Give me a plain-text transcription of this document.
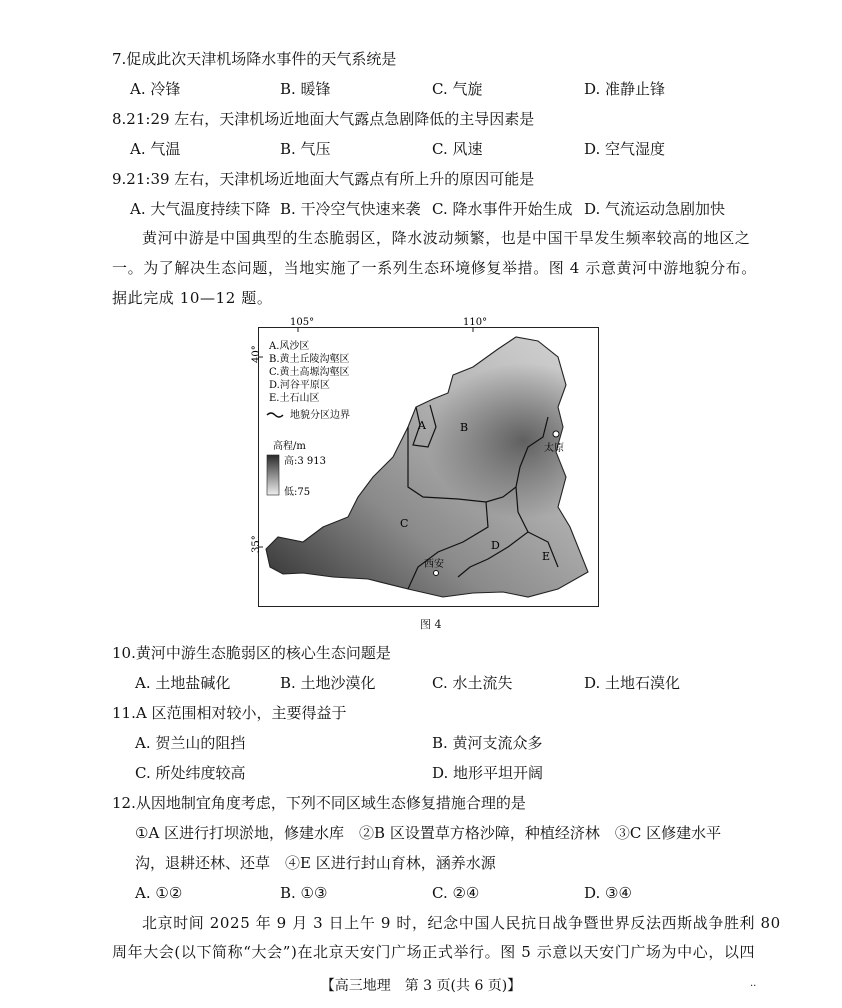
7.促成此次天津机场降水事件的天气系统是
A. 冷锋	B. 暖锋	C. 气旋	D. 准静止锋
8.21:29 左右，天津机场近地面大气露点急剧降低的主导因素是
A. 气温	B. 气压	C. 风速	D. 空气湿度
9.21:39 左右，天津机场近地面大气露点有所上升的原因可能是
A. 大气温度持续下降 B. 干冷空气快速来袭 C. 降水事件开始生成 D. 气流运动急剧加快
黄河中游是中国典型的生态脆弱区，降水波动频繁，也是中国干旱发生频率较高的地区之
一。为了解决生态问题，当地实施了一系列生态环境修复举措。图 4 示意黄河中游地貌分布。
据此完成 10—12 题。
105°	110°
40°
35°
A.风沙区
B.黄土丘陵沟壑区
C.黄土高塬沟壑区
D.河谷平原区
E.土石山区
地貌分区边界
高程/m
高:3 913
低:75
A	B
C
D
E
太原
西安
图 4
10.黄河中游生态脆弱区的核心生态问题是
A. 土地盐碱化	B. 土地沙漠化	C. 水土流失	D. 土地石漠化
11.A 区范围相对较小，主要得益于
A. 贺兰山的阻挡	B. 黄河支流众多
C. 所处纬度较高	D. 地形平坦开阔
12.从因地制宜角度考虑，下列不同区域生态修复措施合理的是
①A 区进行打坝淤地，修建水库　②B 区设置草方格沙障，种植经济林　③C 区修建水平
沟，退耕还林、还草　④E 区进行封山育林，涵养水源
A. ①②	B. ①③	C. ②④	D. ③④
北京时间 2025 年 9 月 3 日上午 9 时，纪念中国人民抗日战争暨世界反法西斯战争胜利 80
周年大会(以下简称“大会”)在北京天安门广场正式举行。图 5 示意以天安门广场为中心，以四
【高三地理　第 3 页(共 6 页)】	..
